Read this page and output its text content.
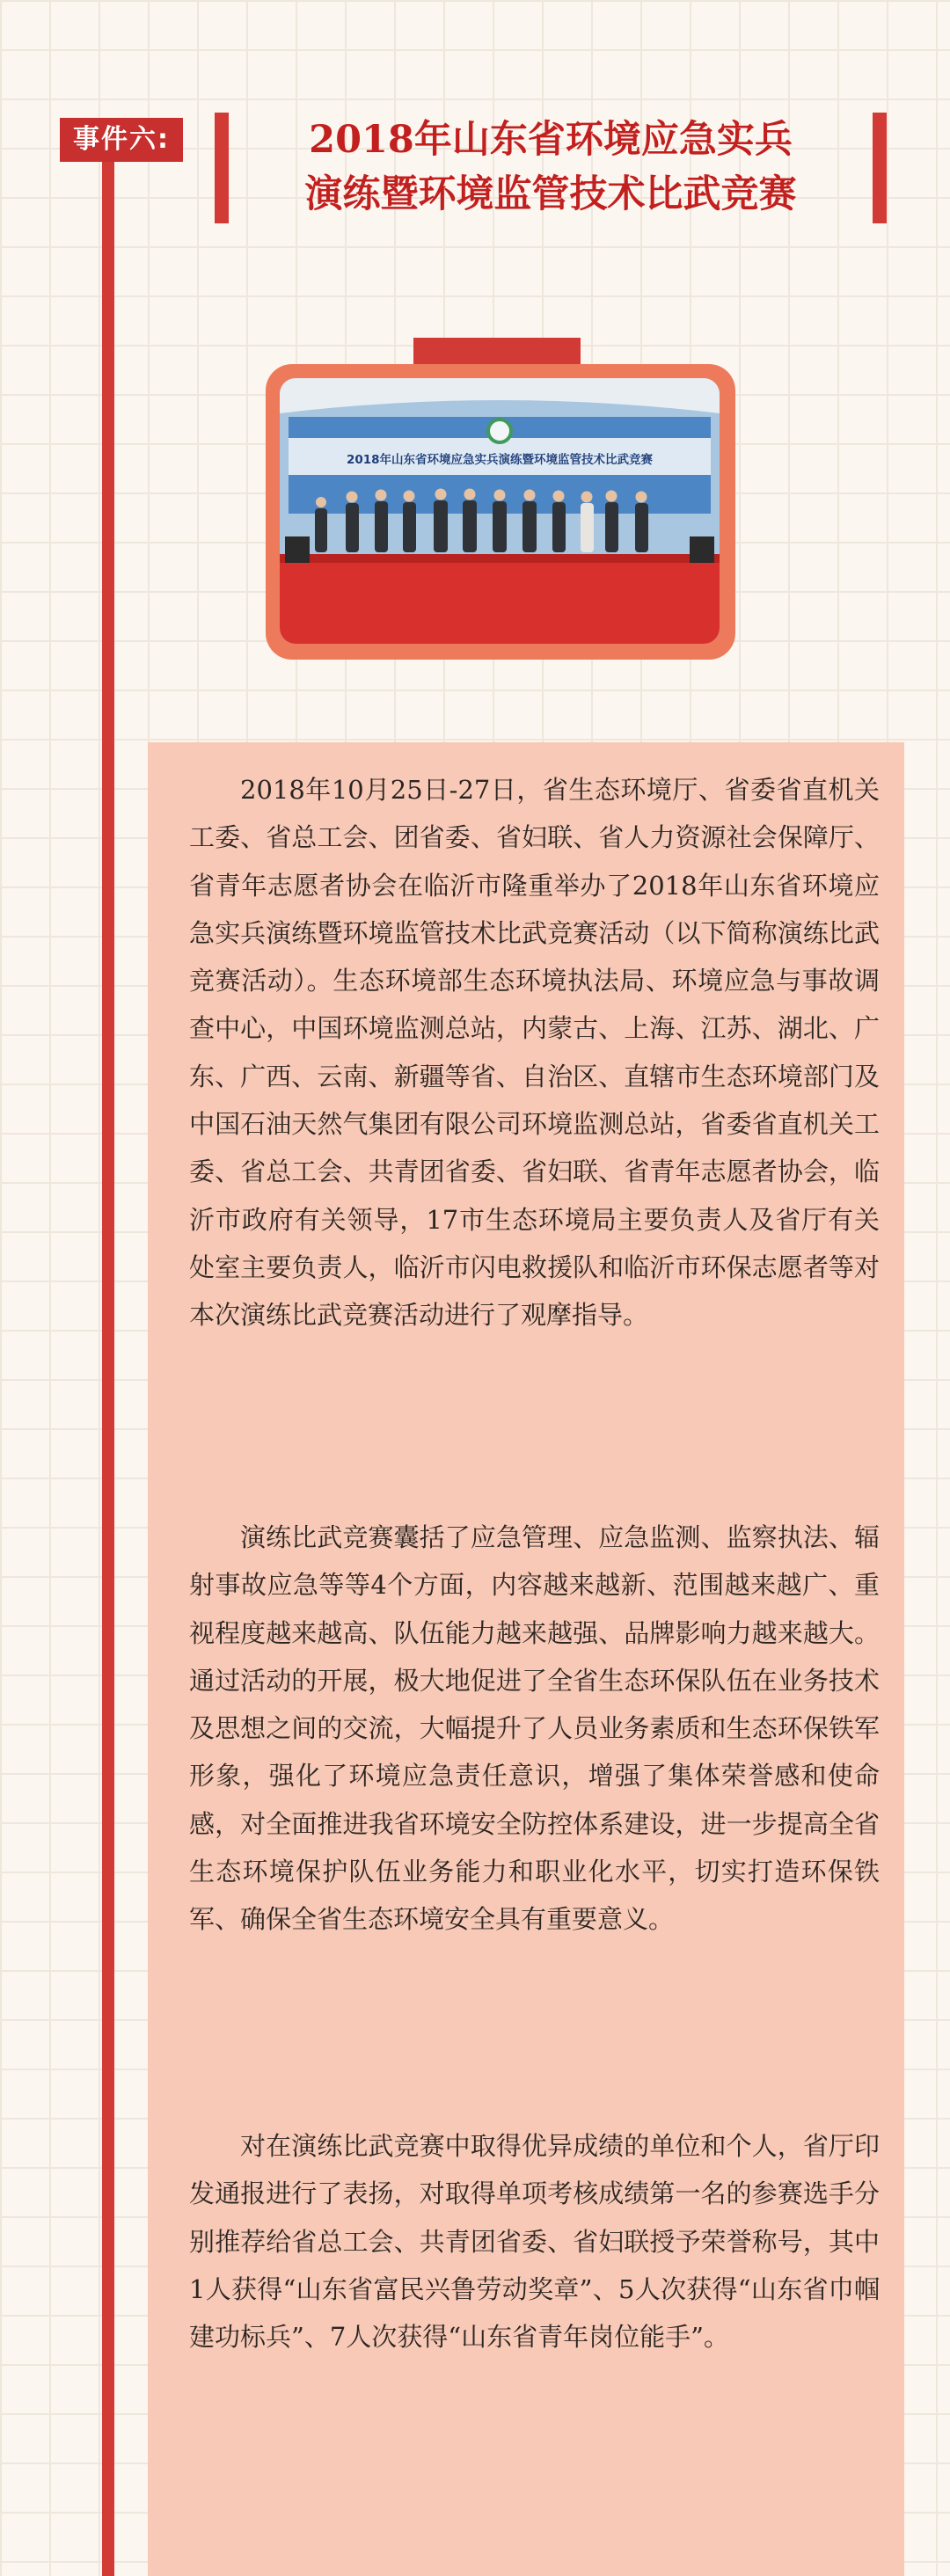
事件六:	2018年山东省环境应急实兵
演练暨环境监管技术比武竞赛
2018年山东省环境应急实兵演练暨环境监管技术比武竞赛

2018年10月25日-27日，省生态环境厅、省委省直机关工委、省总工会、团省委、省妇联、省人力资源社会保障厅、省青年志愿者协会在临沂市隆重举办了2018年山东省环境应急实兵演练暨环境监管技术比武竞赛活动（以下简称演练比武竞赛活动）。生态环境部生态环境执法局、环境应急与事故调查中心，中国环境监测总站，内蒙古、上海、江苏、湖北、广东、广西、云南、新疆等省、自治区、直辖市生态环境部门及中国石油天然气集团有限公司环境监测总站，省委省直机关工委、省总工会、共青团省委、省妇联、省青年志愿者协会，临沂市政府有关领导，17市生态环境局主要负责人及省厅有关处室主要负责人，临沂市闪电救援队和临沂市环保志愿者等对本次演练比武竞赛活动进行了观摩指导。

演练比武竞赛囊括了应急管理、应急监测、监察执法、辐射事故应急等等4个方面，内容越来越新、范围越来越广、重视程度越来越高、队伍能力越来越强、品牌影响力越来越大。通过活动的开展，极大地促进了全省生态环保队伍在业务技术及思想之间的交流，大幅提升了人员业务素质和生态环保铁军形象，强化了环境应急责任意识，增强了集体荣誉感和使命感，对全面推进我省环境安全防控体系建设，进一步提高全省生态环境保护队伍业务能力和职业化水平，切实打造环保铁军、确保全省生态环境安全具有重要意义。

对在演练比武竞赛中取得优异成绩的单位和个人，省厅印发通报进行了表扬，对取得单项考核成绩第一名的参赛选手分别推荐给省总工会、共青团省委、省妇联授予荣誉称号，其中1人获得“山东省富民兴鲁劳动奖章”、5人次获得“山东省巾帼建功标兵”、7人次获得“山东省青年岗位能手”。
